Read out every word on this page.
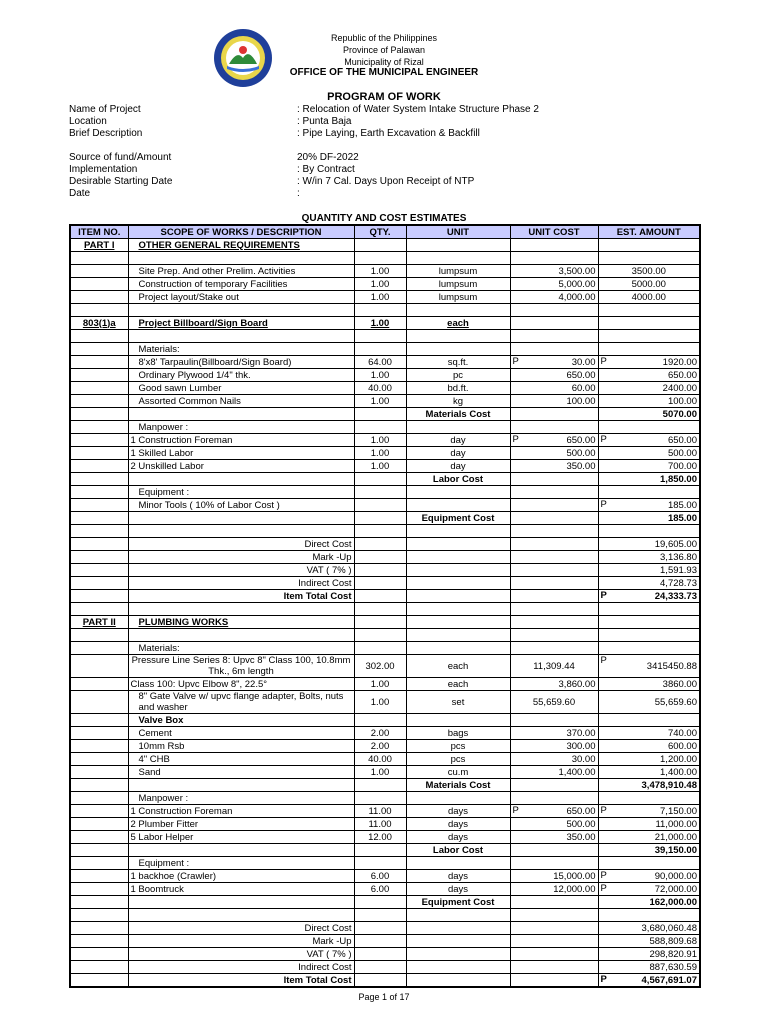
Republic of the Philippines
Province of Palawan
Municipality of Rizal
OFFICE OF THE MUNICIPAL ENGINEER
PROGRAM OF WORK
Name of Project	: Relocation of Water System Intake Structure Phase 2
Location	: Punta Baja
Brief Description	: Pipe Laying, Earth Excavation & Backfill
Source of fund/Amount	20% DF-2022
Implementation	: By Contract
Desirable Starting Date	: W/in 7 Cal. Days Upon Receipt of NTP
Date	:
QUANTITY AND COST ESTIMATES
ITEM NO.	SCOPE OF WORKS / DESCRIPTION	QTY.	UNIT	UNIT COST	EST. AMOUNT
PART I	OTHER GENERAL REQUIREMENTS				

	Site Prep. And other Prelim. Activities	1.00	lumpsum	3,500.00	3500.00
	Construction of temporary Facilities	1.00	lumpsum	5,000.00	5000.00
	Project layout/Stake out	1.00	lumpsum	4,000.00	4000.00

803(1)a	Project Billboard/Sign Board	1.00	each		

	Materials:				
	8'x8' Tarpaulin(Billboard/Sign Board)	64.00	sq.ft.	P 30.00	P 1920.00
	Ordinary Plywood 1/4" thk.	1.00	pc	650.00	650.00
	Good sawn Lumber	40.00	bd.ft.	60.00	2400.00
	Assorted Common Nails	1.00	kg	100.00	100.00
			Materials Cost		5070.00
	Manpower :				
	1 Construction Foreman	1.00	day	P 650.00	P 650.00
	1 Skilled Labor	1.00	day	500.00	500.00
	2 Unskilled Labor	1.00	day	350.00	700.00
			Labor Cost		1,850.00
	Equipment :				
	Minor Tools ( 10% of Labor Cost )				P 185.00
			Equipment Cost		185.00

	Direct Cost				19,605.00
	Mark -Up				3,136.80
	VAT ( 7% )				1,591.93
	Indirect Cost				4,728.73
	Item Total Cost				P 24,333.73

PART II	PLUMBING WORKS				

	Materials:				
	Pressure Line Series 8: Upvc 8" Class 100, 10.8mm Thk., 6m length	302.00	each	11,309.44	P 3415450.88
	Class 100: Upvc Elbow 8", 22.5°	1.00	each	3,860.00	3860.00
	8" Gate Valve w/ upvc flange adapter, Bolts, nuts and washer	1.00	set	55,659.60	55,659.60
	Valve Box				
	Cement	2.00	bags	370.00	740.00
	10mm Rsb	2.00	pcs	300.00	600.00
	4" CHB	40.00	pcs	30.00	1,200.00
	Sand	1.00	cu.m	1,400.00	1,400.00
			Materials Cost		3,478,910.48
	Manpower :				
	1 Construction Foreman	11.00	days	P 650.00	P 7,150.00
	2 Plumber Fitter	11.00	days	500.00	11,000.00
	5 Labor Helper	12.00	days	350.00	21,000.00
			Labor Cost		39,150.00
	Equipment :				
	1 backhoe (Crawler)	6.00	days	15,000.00	P 90,000.00
	1 Boomtruck	6.00	days	12,000.00	P 72,000.00
			Equipment Cost		162,000.00

	Direct Cost				3,680,060.48
	Mark -Up				588,809.68
	VAT ( 7% )				298,820.91
	Indirect Cost				887,630.59
	Item Total Cost				P 4,567,691.07
Page 1 of 17
